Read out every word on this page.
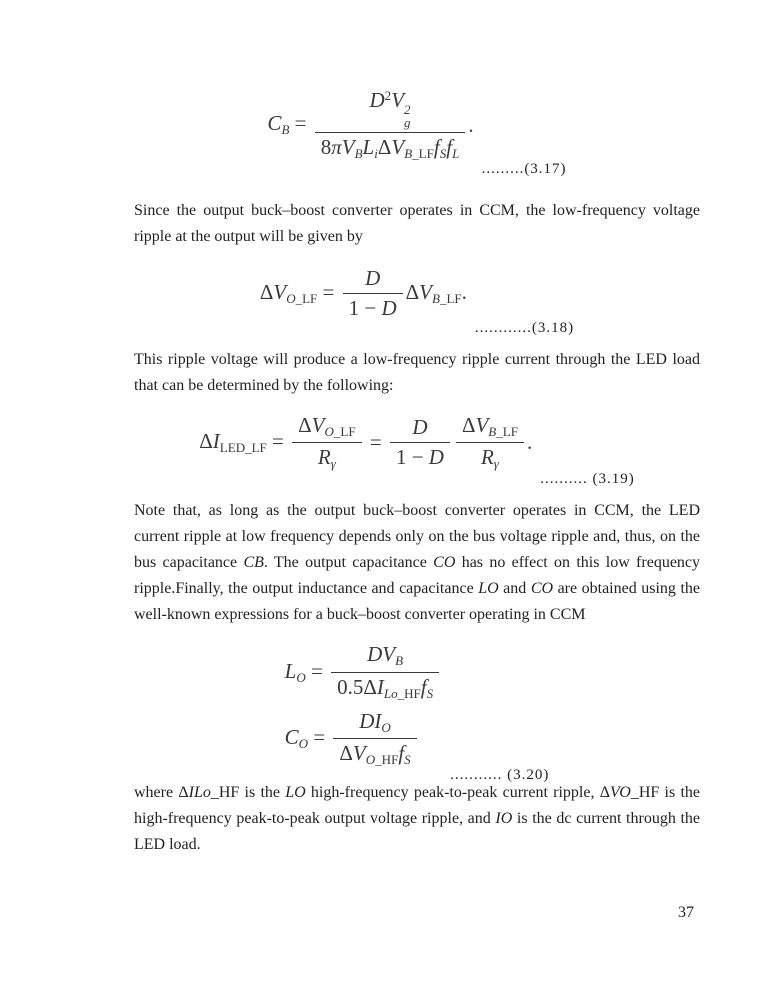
CB = $D^2V$ 2
g
8πVBLiΔVB_LFfSfL .
.........(3.17)

Since the output buck–boost converter operates in CCM, the low-frequency voltage ripple at the output will be given by

ΔVO_LF = $\frac{D}{1 - D}$ ΔVB_LF.
............(3.18)

This ripple voltage will produce a low-frequency ripple current through the LED load that can be determined by the following:

ΔILED_LF = $\frac{\text{ΔVO\_LF}}{R\gamma} = \frac{D}{1 - D} \frac{\text{ΔVB\_LF}}{R\gamma}$ .
.......... (3.19)

Note that, as long as the output buck–boost converter operates in CCM, the LED current ripple at low frequency depends only on the bus voltage ripple and, thus, on the bus capacitance CB. The output capacitance CO has no effect on this low frequency ripple.Finally, the output inductance and capacitance LO and CO are obtained using the well-known expressions for a buck–boost converter operating in CCM

LO = $\frac{\text{DVB}}{\text{0.5ΔILo\_HFfS}}$
CO = $\frac{\text{DIO}}{\text{ΔVO\_HFfS}}$
........... (3.20)

where ΔILo_HF is the LO high-frequency peak-to-peak current ripple, ΔVO_HF is the high-frequency peak-to-peak output voltage ripple, and IO is the dc current through the LED load.

37
